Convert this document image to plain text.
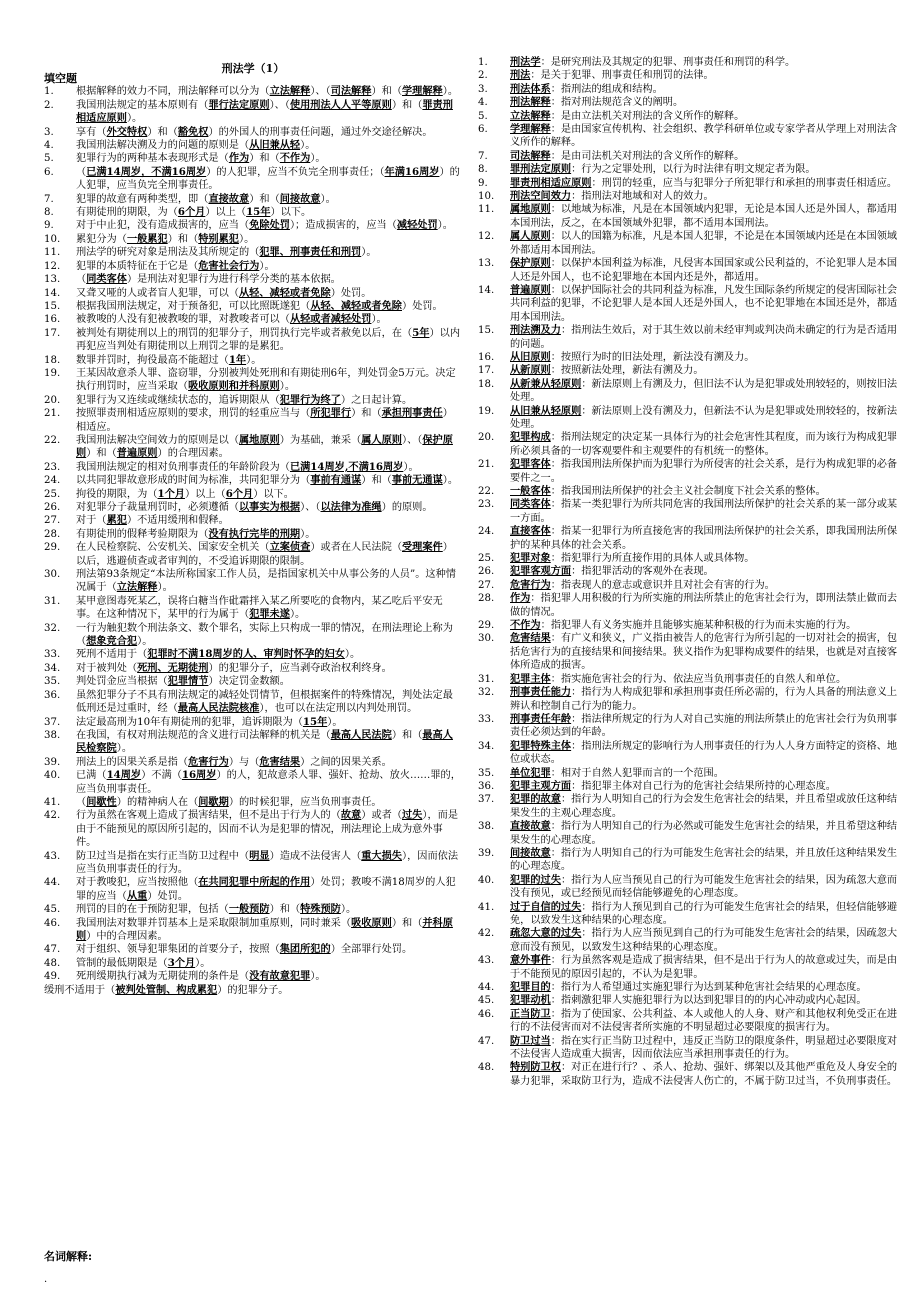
刑法学（1）

填空题

1. 根据解释的效力不同，刑法解释可以分为（立法解释）、（司法解释）和（学理解释）。
2. 我国刑法规定的基本原则有（罪行法定原则）、（使用刑法人人平等原则）和（罪责刑相适应原则）。
3. 享有（外交特权）和（豁免权）的外国人的刑事责任问题，通过外交途径解决。
4. 我国刑法解决溯及力的问题的原则是（从旧兼从轻）。
5. 犯罪行为的两种基本表现形式是（作为）和（不作为）。
6. （已满14周岁，不满16周岁）的人犯罪，应当不负完全刑事责任；（年满16周岁）的人犯罪，应当负完全刑事责任。
7. 犯罪的故意有两种类型，即（直接故意）和（间接故意）。
8. 有期徒刑的期限，为（6个月）以上（15年）以下。
9. 对于中止犯，没有造成损害的，应当（免除处罚）；造成损害的，应当（减轻处罚）。
10. 累犯分为（一般累犯）和（特别累犯）。
11. 刑法学的研究对象是刑法及其所规定的（犯罪、刑事责任和刑罚）。
12. 犯罪的本质特征在于它是（危害社会行为）。
13. （同类客体）是刑法对犯罪行为进行科学分类的基本依据。
14. 又聋又哑的人或者盲人犯罪，可以（从轻、减轻或者免除）处罚。
15. 根据我国刑法规定，对于预备犯，可以比照既遂犯（从轻、减轻或者免除）处罚。
16. 被教唆的人没有犯被教唆的罪，对教唆者可以（从轻或者减轻处罚）。
17. 被判处有期徒刑以上的刑罚的犯罪分子，刑罚执行完毕或者赦免以后，在（5年）以内再犯应当判处有期徒刑以上刑罚之罪的是累犯。
18. 数罪并罚时，拘役最高不能超过（1年）。
19. 王某因故意杀人罪、盗窃罪，分别被判处死刑和有期徒刑6年，判处罚金5万元。决定执行刑罚时，应当采取（吸收原则和并科原则）。
20. 犯罪行为又连续或继续状态的，追诉期限从（犯罪行为终了）之日起计算。
21. 按照罪责刑相适应原则的要求，刑罚的轻重应当与（所犯罪行）和（承担刑事责任）相适应。
22. 我国刑法解决空间效力的原则是以（属地原则）为基础，兼采（属人原则）、（保护原则）和（普遍原则）的合理因素。
23. 我国刑法规定的相对负刑事责任的年龄阶段为（已满14周岁,不满16周岁）。
24. 以共同犯罪故意形成的时间为标准，共同犯罪分为（事前有通谋）和（事前无通谋）。
25. 拘役的期限，为（1个月）以上（6个月）以下。
26. 对犯罪分子裁量刑罚时，必须遵循（以事实为根据）、（以法律为准绳）的原则。
27. 对于（累犯）不适用缓刑和假释。
28. 有期徒刑的假释考验期限为（没有执行完毕的刑期）。
29. 在人民检察院、公安机关、国家安全机关（立案侦查）或者在人民法院（受理案件）以后，逃避侦查或者审判的，不受追诉期限的限制。
30. 刑法第93条规定“本法所称国家工作人员，是指国家机关中从事公务的人员”。这种情况属于（立法解释）。
31. 某甲意图毒死某乙，误将白糖当作砒霜拌入某乙所要吃的食物内，某乙吃后平安无事。在这种情况下，某甲的行为属于（犯罪未遂）。
32. 一行为触犯数个刑法条文、数个罪名，实际上只构成一罪的情况，在刑法理论上称为（想象竞合犯）。
33. 死刑不适用于（犯罪时不满18周岁的人、审判时怀孕的妇女）。
34. 对于被判处（死刑、无期徒刑）的犯罪分子，应当剥夺政治权利终身。
35. 判处罚金应当根据（犯罪情节）决定罚金数额。
36. 虽然犯罪分子不具有刑法规定的减轻处罚情节，但根据案件的特殊情况，判处法定最低刑还是过重时，经（最高人民法院核准），也可以在法定刑以内判处刑罚。
37. 法定最高刑为10年有期徒刑的犯罪，追诉期限为（15年）。
38. 在我国，有权对刑法规范的含义进行司法解释的机关是（最高人民法院）和（最高人民检察院）。
39. 刑法上的因果关系是指（危害行为）与（危害结果）之间的因果关系。
40. 已满（14周岁）不满（16周岁）的人，犯故意杀人罪、强奸、抢劫、放火……罪的，应当负刑事责任。
41. （间歇性）的精神病人在（间歇期）的时候犯罪，应当负刑事责任。
42. 行为虽然在客观上造成了损害结果，但不是出于行为人的（故意）或者（过失），而是由于不能预见的原因所引起的，因而不认为是犯罪的情况，刑法理论上成为意外事件。
43. 防卫过当是指在实行正当防卫过程中（明显）造成不法侵害人（重大损失），因而依法应当负刑事责任的行为。
44. 对于教唆犯，应当按照他（在共同犯罪中所起的作用）处罚；教唆不满18周岁的人犯罪的应当（从重）处罚。
45. 刑罚的目的在于预防犯罪，包括（一般预防）和（特殊预防）。
46. 我国刑法对数罪并罚基本上是采取限制加重原则，同时兼采（吸收原则）和（并科原则）中的合理因素。
47. 对于组织、领导犯罪集团的首要分子，按照（集团所犯的）全部罪行处罚。
48. 管制的最低期限是（3个月）。
49. 死刑缓期执行减为无期徒刑的条件是（没有故意犯罪）。
缓刑不适用于（被判处管制、构成累犯）的犯罪分子。
1. 刑法学：是研究刑法及其规定的犯罪、刑事责任和刑罚的科学。
2. 刑法：是关于犯罪、刑事责任和刑罚的法律。
3. 刑法体系：指刑法的组成和结构。
4. 刑法解释：指对刑法规范含义的阐明。
5. 立法解释：是由立法机关对刑法的含义所作的解释。
6. 学理解释：是由国家宣传机构、社会组织、教学科研单位或专家学者从学理上对刑法含义所作的解释。
7. 司法解释：是由司法机关对刑法的含义所作的解释。
8. 罪刑法定原则：行为之定罪处刑，以行为时法律有明文规定者为限。
9. 罪责刑相适应原则：刑罚的轻重，应当与犯罪分子所犯罪行和承担的刑事责任相适应。
10. 刑法空间效力：指刑法对地域和对人的效力。
11. 属地原则：以地域为标准，凡是在本国领域内犯罪，无论是本国人还是外国人，都适用本国刑法，反之，在本国领域外犯罪，都不适用本国刑法。
12. 属人原则：以人的国籍为标准，凡是本国人犯罪，不论是在本国领域内还是在本国领域外都适用本国刑法。
13. 保护原则：以保护本国利益为标准，凡侵害本国国家或公民利益的，不论犯罪人是本国人还是外国人，也不论犯罪地在本国内还是外，都适用。
14. 普遍原则：以保护国际社会的共同利益为标准，凡发生国际条约所规定的侵害国际社会共同利益的犯罪，不论犯罪人是本国人还是外国人，也不论犯罪地在本国还是外，都适用本国刑法。
15. 刑法溯及力：指刑法生效后，对于其生效以前未经审判或判决尚未确定的行为是否适用的问题。
16. 从旧原则：按照行为时的旧法处理，新法没有溯及力。
17. 从新原则：按照新法处理，新法有溯及力。
18. 从新兼从轻原则：新法原则上有溯及力，但旧法不认为是犯罪或处刑较轻的，则按旧法处理。
19. 从旧兼从轻原则：新法原则上没有溯及力，但新法不认为是犯罪或处刑较轻的，按新法处理。
20. 犯罪构成：指刑法规定的决定某一具体行为的社会危害性其程度，而为该行为构成犯罪所必须具备的一切客观要件和主观要件的有机统一的整体。
21. 犯罪客体：指我国刑法所保护而为犯罪行为所侵害的社会关系，是行为构成犯罪的必备要件之一。
22. 一般客体：指我国刑法所保护的社会主义社会制度下社会关系的整体。
23. 同类客体：指某一类犯罪行为所共同危害的我国刑法所保护的社会关系的某一部分或某一方面。
24. 直接客体：指某一犯罪行为所直接危害的我国刑法所保护的社会关系，即我国刑法所保护的某种具体的社会关系。
25. 犯罪对象：指犯罪行为所直接作用的具体人或具体物。
26. 犯罪客观方面：指犯罪活动的客观外在表现。
27. 危害行为：指表现人的意志或意识并且对社会有害的行为。
28. 作为：指犯罪人用积极的行为所实施的刑法所禁止的危害社会行为，即刑法禁止做而去做的情况。
29. 不作为：指犯罪人有义务实施并且能够实施某种积极的行为而未实施的行为。
30. 危害结果：有广义和狭义，广义指由被告人的危害行为所引起的一切对社会的损害，包括危害行为的直接结果和间接结果。狭义指作为犯罪构成要件的结果，也就是对直接客体所造成的损害。
31. 犯罪主体：指实施危害社会的行为、依法应当负刑事责任的自然人和单位。
32. 刑事责任能力：指行为人构成犯罪和承担刑事责任所必需的，行为人具备的刑法意义上辨认和控制自己行为的能力。
33. 刑事责任年龄：指法律所规定的行为人对自己实施的刑法所禁止的危害社会行为负刑事责任必须达到的年龄。
34. 犯罪特殊主体：指刑法所规定的影响行为人刑事责任的行为人人身方面特定的资格、地位或状态。
35. 单位犯罪：相对于自然人犯罪而言的一个范围。
36. 犯罪主观方面：指犯罪主体对自己行为的危害社会结果所持的心理态度。
37. 犯罪的故意：指行为人明知自己的行为会发生危害社会的结果，并且希望或放任这种结果发生的主观心理态度。
38. 直接故意：指行为人明知自己的行为必然或可能发生危害社会的结果，并且希望这种结果发生的心理态度。
39. 间接故意：指行为人明知自己的行为可能发生危害社会的结果，并且放任这种结果发生的心理态度。
40. 犯罪的过失：指行为人应当预见自己的行为可能发生危害社会的结果，因为疏忽大意而没有预见，或已经预见而轻信能够避免的心理态度。
41. 过于自信的过失：指行为人预见到自己的行为可能发生危害社会的结果，但轻信能够避免，以致发生这种结果的心理态度。
42. 疏忽大意的过失：指行为人应当预见到自己的行为可能发生危害社会的结果，因疏忽大意而没有预见，以致发生这种结果的心理态度。
43. 意外事件：行为虽然客观是造成了损害结果，但不是出于行为人的故意或过失，而是由于不能预见的原因引起的，不认为是犯罪。
44. 犯罪目的：指行为人希望通过实施犯罪行为达到某种危害社会结果的心理态度。
45. 犯罪动机：指刺激犯罪人实施犯罪行为以达到犯罪目的的内心冲动或内心起因。
46. 正当防卫：指为了使国家、公共利益、本人或他人的人身、财产和其他权利免受正在进行的不法侵害而对不法侵害者所实施的不明显超过必要限度的损害行为。
47. 防卫过当：指在实行正当防卫过程中，违反正当防卫的限度条件，明显超过必要限度对不法侵害人造成重大损害，因而依法应当承担刑事责任的行为。
48. 特别防卫权：对正在进行行？、杀人、抢劫、强奸、绑架以及其他严重危及人身安全的暴力犯罪，采取防卫行为，造成不法侵害人伤亡的，不属于防卫过当，不负刑事责任。
名词解释:
.
